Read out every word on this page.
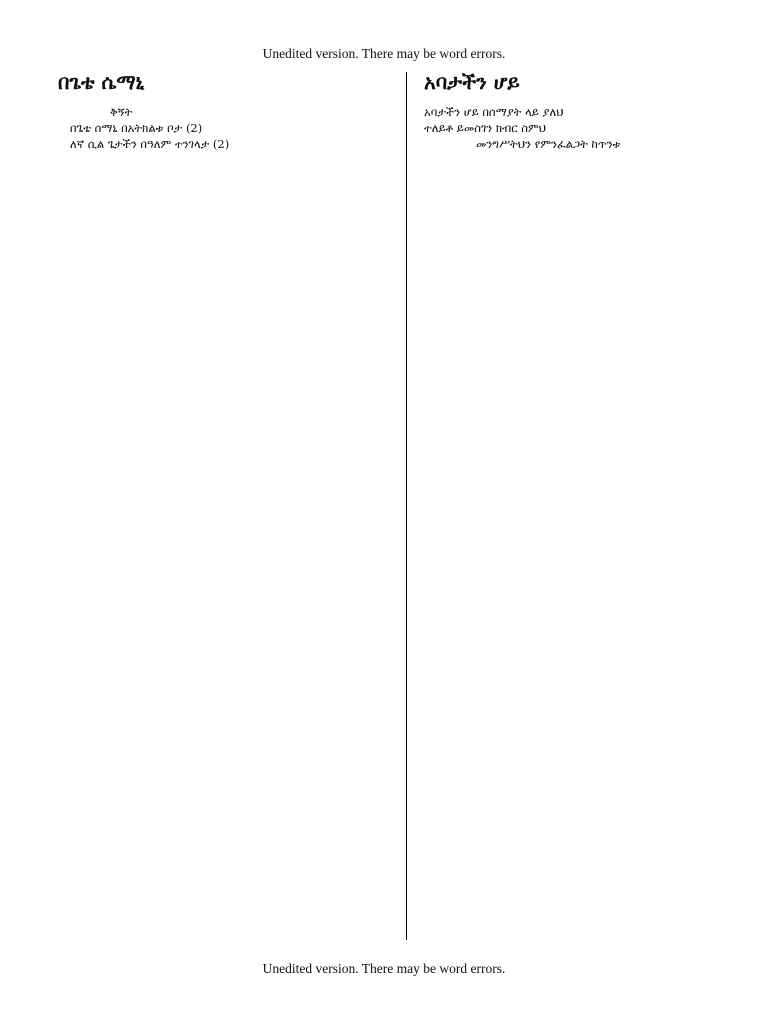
Unedited version. There may be word errors.
በጌቴ ሴማኒ
ቅኝት
በጌቴ ሰማኒ በአትክልቱ ቦታ (2)
ለኛ ሲል ጌታችን በዓለም ተንገላታ (2)
አባታችን ሆይ
አባታችን ሆይ በሰማያት ላይ ያለህ
ተለይቶ ይመስገን ክብር ስምህ
መንግሥትህን የምንፈልጋት ከጥንቱ
Unedited version. There may be word errors.
